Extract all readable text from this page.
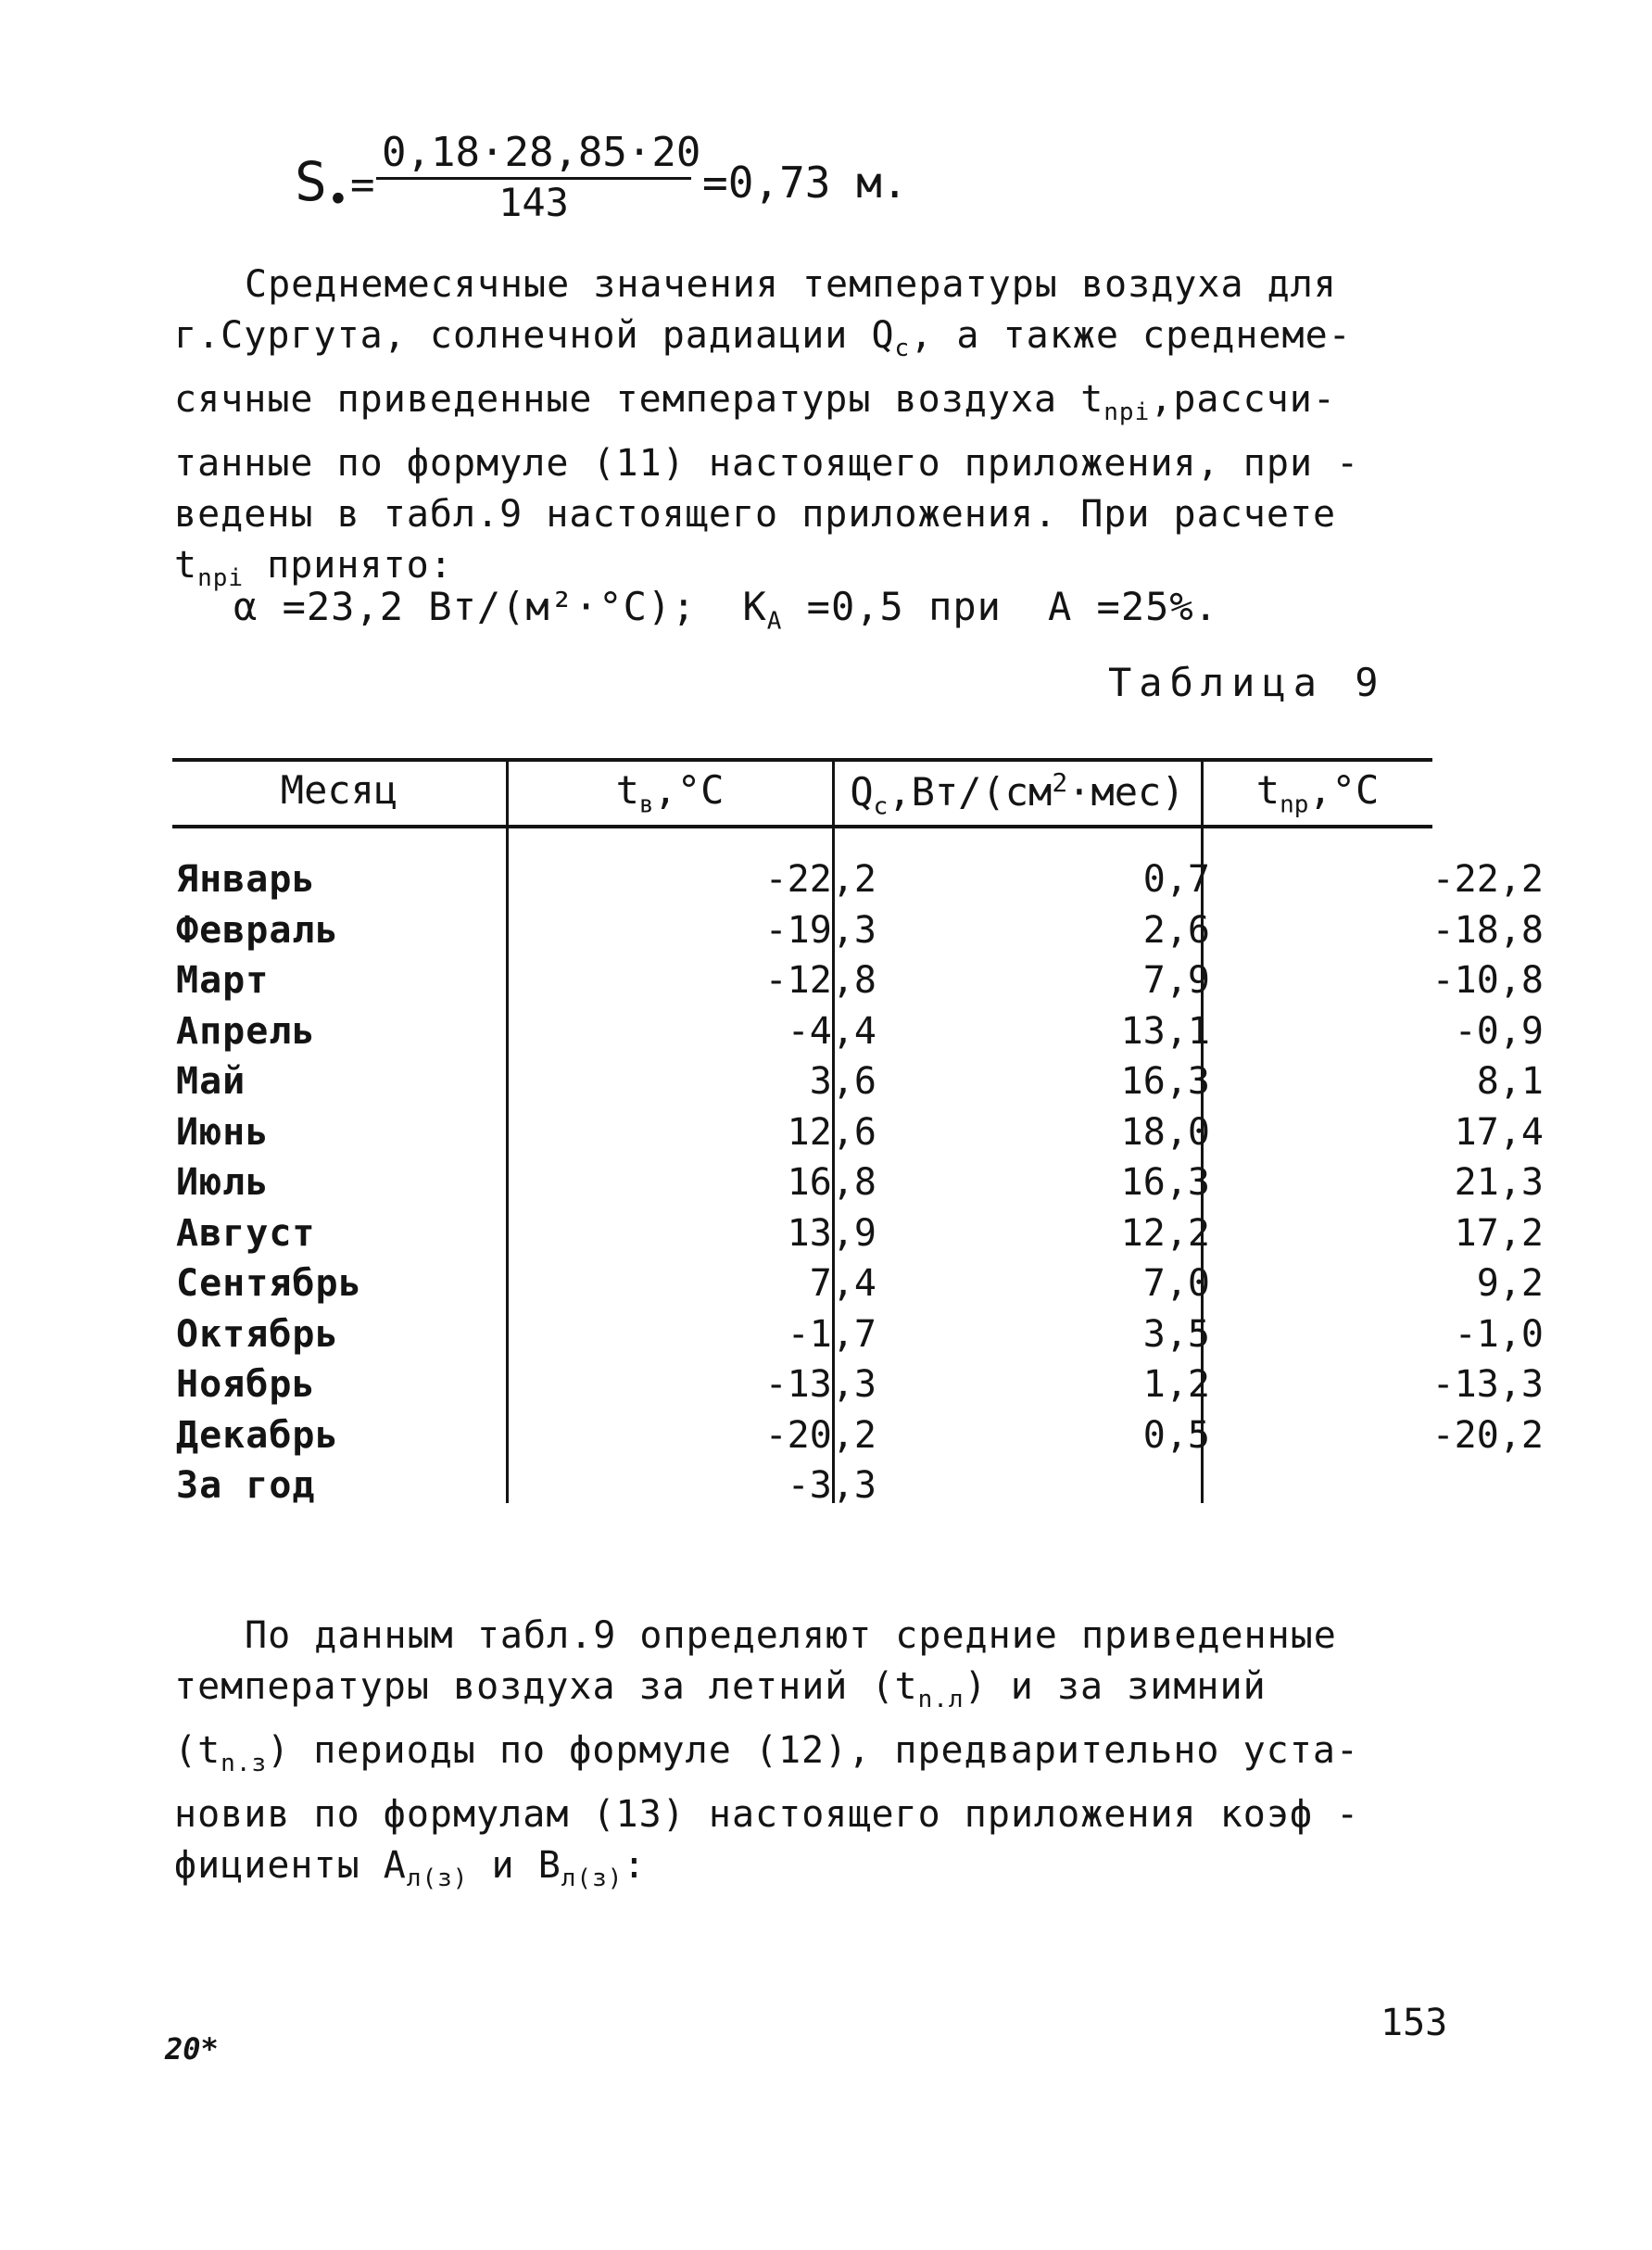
$S_• = \frac{0,18\cdot 28,85\cdot 20}{143} =0,73$ м.
Среднемесячные значения температуры воздуха для
г.Сургута, солнечной радиации $Q_c$, а также среднеме-
сячные приведенные температуры воздуха $t_{npi},рассчи-$
танные по формуле (11) настоящего приложения, при -
ведены в табл.9 настоящего приложения. При расчете
$t_{npi}$ принято:
α =23,2 Вт/(м²·°С); $K_A =0,5$ при A =25%.
Таблица 9
Месяц	$t_в,^\circ С$	$Q_c,Вт/(см^2\cdot мес)$	$t_{np},^\circ С$
Январь	-22,2	0,7	-22,2
Февраль	-19,3	2,6	-18,8
Март	-12,8	7,9	-10,8
Апрель	-4,4	13,1	-0,9
Май	3,6	16,3	8,1
Июнь	12,6	18,0	17,4
Июль	16,8	16,3	21,3
Август	13,9	12,2	17,2
Сентябрь	7,4	7,0	9,2
Октябрь	-1,7	3,5	-1,0
Ноябрь	-13,3	1,2	-13,3
Декабрь	-20,2	0,5	-20,2
За год	-3,3
По данным табл.9 определяют средние приведенные
температуры воздуха за летний $(t_{n.л})$ и за зимний
$(t_{n.з})$ периоды по формуле (12), предварительно уста-
новив по формулам (13) настоящего приложения коэф -
фициенты $A_{л(з)}$ и $B_{л(з)}$:
20*
153
